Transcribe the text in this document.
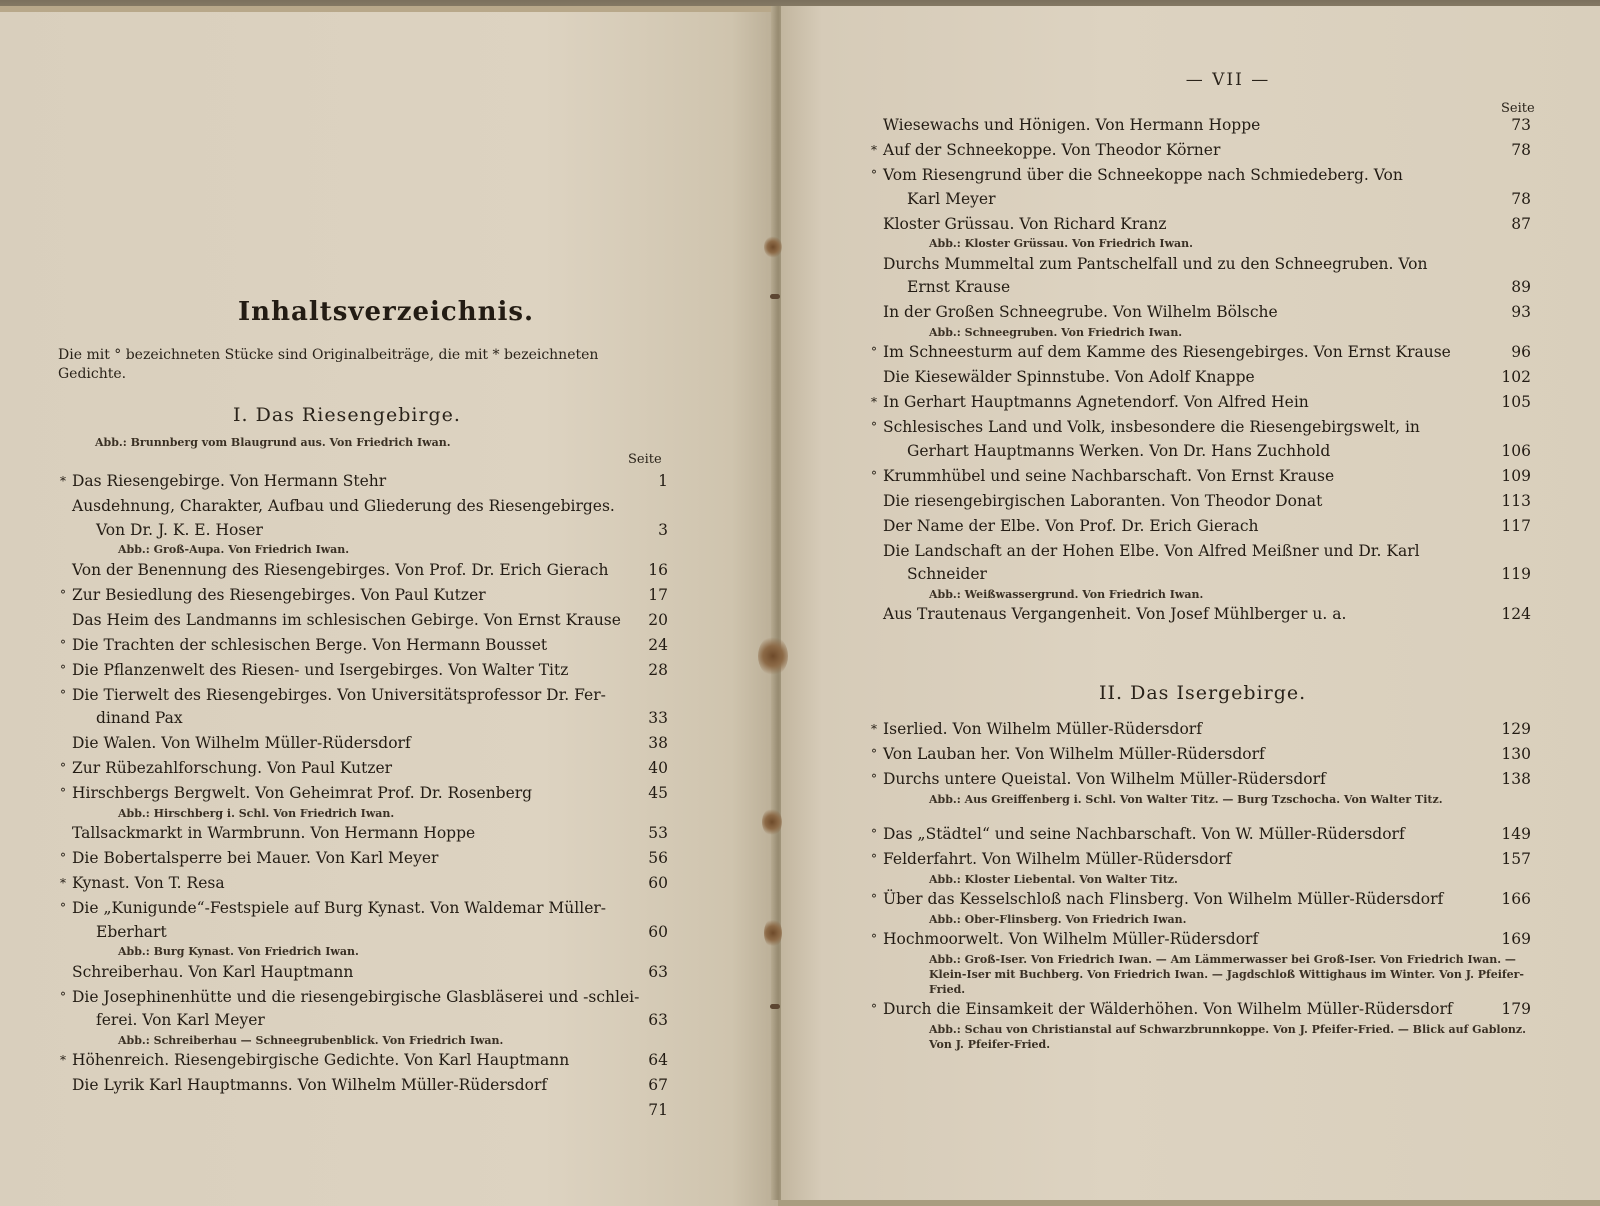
Inhaltsverzeichnis.
Die mit ° bezeichneten Stücke sind Originalbeiträge, die mit * bezeichneten Gedichte.
I. Das Riesengebirge.
Abb.: Brunnberg vom Blaugrund aus. Von Friedrich Iwan.
Seite
* Das Riesengebirge. Von Hermann Stehr	1
Ausdehnung, Charakter, Aufbau und Gliederung des Riesengebirges.
Von Dr. J. K. E. Hoser	3
Abb.: Groß-Aupa. Von Friedrich Iwan.
Von der Benennung des Riesengebirges. Von Prof. Dr. Erich Gierach	16
° Zur Besiedlung des Riesengebirges. Von Paul Kutzer	17
Das Heim des Landmanns im schlesischen Gebirge. Von Ernst Krause	20
° Die Trachten der schlesischen Berge. Von Hermann Bousset	24
° Die Pflanzenwelt des Riesen- und Isergebirges. Von Walter Titz	28
° Die Tierwelt des Riesengebirges. Von Universitätsprofessor Dr. Fer-
dinand Pax	33
Die Walen. Von Wilhelm Müller-Rüdersdorf	38
° Zur Rübezahlforschung. Von Paul Kutzer	40
° Hirschbergs Bergwelt. Von Geheimrat Prof. Dr. Rosenberg	45
Abb.: Hirschberg i. Schl. Von Friedrich Iwan.
Tallsackmarkt in Warmbrunn. Von Hermann Hoppe	53
° Die Bobertalsperre bei Mauer. Von Karl Meyer	56
* Kynast. Von T. Resa	60
° Die „Kunigunde“-Festspiele auf Burg Kynast. Von Waldemar Müller-
Eberhart	60
Abb.: Burg Kynast. Von Friedrich Iwan.
Schreiberhau. Von Karl Hauptmann	63
° Die Josephinenhütte und die riesengebirgische Glasbläserei und -schlei-
ferei. Von Karl Meyer	63
Abb.: Schreiberhau — Schneegrubenblick. Von Friedrich Iwan.
* Höhenreich. Riesengebirgische Gedichte. Von Karl Hauptmann	64
Die Lyrik Karl Hauptmanns. Von Wilhelm Müller-Rüdersdorf	67
71
— VII —
Seite
II. Das Isergebirge.
Wiesewachs und Hönigen. Von Hermann Hoppe	73
* Auf der Schneekoppe. Von Theodor Körner	78
° Vom Riesengrund über die Schneekoppe nach Schmiedeberg. Von
Karl Meyer	78
Kloster Grüssau. Von Richard Kranz	87
Abb.: Kloster Grüssau. Von Friedrich Iwan.
Durchs Mummeltal zum Pantschelfall und zu den Schneegruben. Von
Ernst Krause	89
In der Großen Schneegrube. Von Wilhelm Bölsche	93
Abb.: Schneegruben. Von Friedrich Iwan.
° Im Schneesturm auf dem Kamme des Riesengebirges. Von Ernst Krause	96
Die Kiesewälder Spinnstube. Von Adolf Knappe	102
* In Gerhart Hauptmanns Agnetendorf. Von Alfred Hein	105
° Schlesisches Land und Volk, insbesondere die Riesengebirgswelt, in
Gerhart Hauptmanns Werken. Von Dr. Hans Zuchhold	106
° Krummhübel und seine Nachbarschaft. Von Ernst Krause	109
Die riesengebirgischen Laboranten. Von Theodor Donat	113
Der Name der Elbe. Von Prof. Dr. Erich Gierach	117
Die Landschaft an der Hohen Elbe. Von Alfred Meißner und Dr. Karl
Schneider	119
Abb.: Weißwassergrund. Von Friedrich Iwan.
Aus Trautenaus Vergangenheit. Von Josef Mühlberger u. a.	124
* Iserlied. Von Wilhelm Müller-Rüdersdorf	129
° Von Lauban her. Von Wilhelm Müller-Rüdersdorf	130
° Durchs untere Queistal. Von Wilhelm Müller-Rüdersdorf	138
Abb.: Aus Greiffenberg i. Schl. Von Walter Titz. — Burg Tzschocha. Von Walter Titz.
° Das „Städtel“ und seine Nachbarschaft. Von W. Müller-Rüdersdorf	149
° Felderfahrt. Von Wilhelm Müller-Rüdersdorf	157
Abb.: Kloster Liebental. Von Walter Titz.
° Über das Kesselschloß nach Flinsberg. Von Wilhelm Müller-Rüdersdorf	166
Abb.: Ober-Flinsberg. Von Friedrich Iwan.
° Hochmoorwelt. Von Wilhelm Müller-Rüdersdorf	169
Abb.: Groß-Iser. Von Friedrich Iwan. — Am Lämmerwasser bei Groß-Iser. Von Friedrich Iwan. — Klein-Iser mit Buchberg. Von Friedrich Iwan. — Jagdschloß Wittighaus im Winter. Von J. Pfeifer-Fried.
° Durch die Einsamkeit der Wälderhöhen. Von Wilhelm Müller-Rüdersdorf	179
Abb.: Schau von Christianstal auf Schwarzbrunnkoppe. Von J. Pfeifer-Fried. — Blick auf Gablonz. Von J. Pfeifer-Fried.
